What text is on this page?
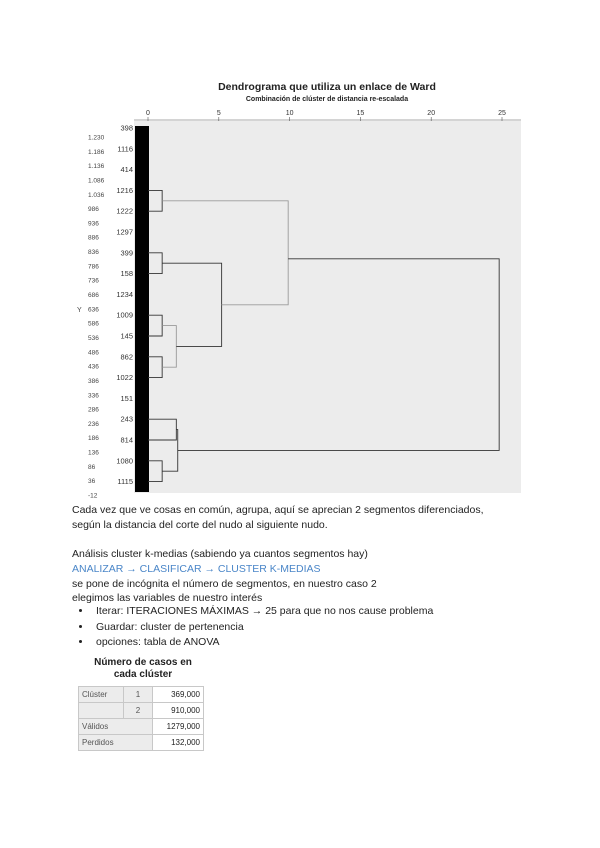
0	5	10	15	20	25
1.230
1.186
1.136
1.086
1.036
986
936
886
836
786
736
686
636
586
536
486
436
386
336
286
236
186
136
86
36
-12
Y
398
1116
414
1216
1222
1297
399
158
1234
1009
145
862
1022
151
243
814
1080
1115
Dendrograma que utiliza un enlace de Ward
Combinación de clúster de distancia re-escalada
Cada vez que ve cosas en común, agrupa, aquí se aprecian 2 segmentos diferenciados,
según la distancia del corte del nudo al siguiente nudo.
Análisis cluster k-medias (sabiendo ya cuantos segmentos hay)
ANALIZAR → CLASIFICAR → CLUSTER K-MEDIAS
se pone de incógnita el número de segmentos, en nuestro caso 2
elegimos las variables de nuestro interés
• Iterar: ITERACIONES MÁXIMAS → 25 para que no nos cause problema
• Guardar: cluster de pertenencia
• opciones: tabla de ANOVA
Número de casos en
cada clúster
Clúster	1	369,000
	2	910,000
Válidos		1279,000
Perdidos		132,000
